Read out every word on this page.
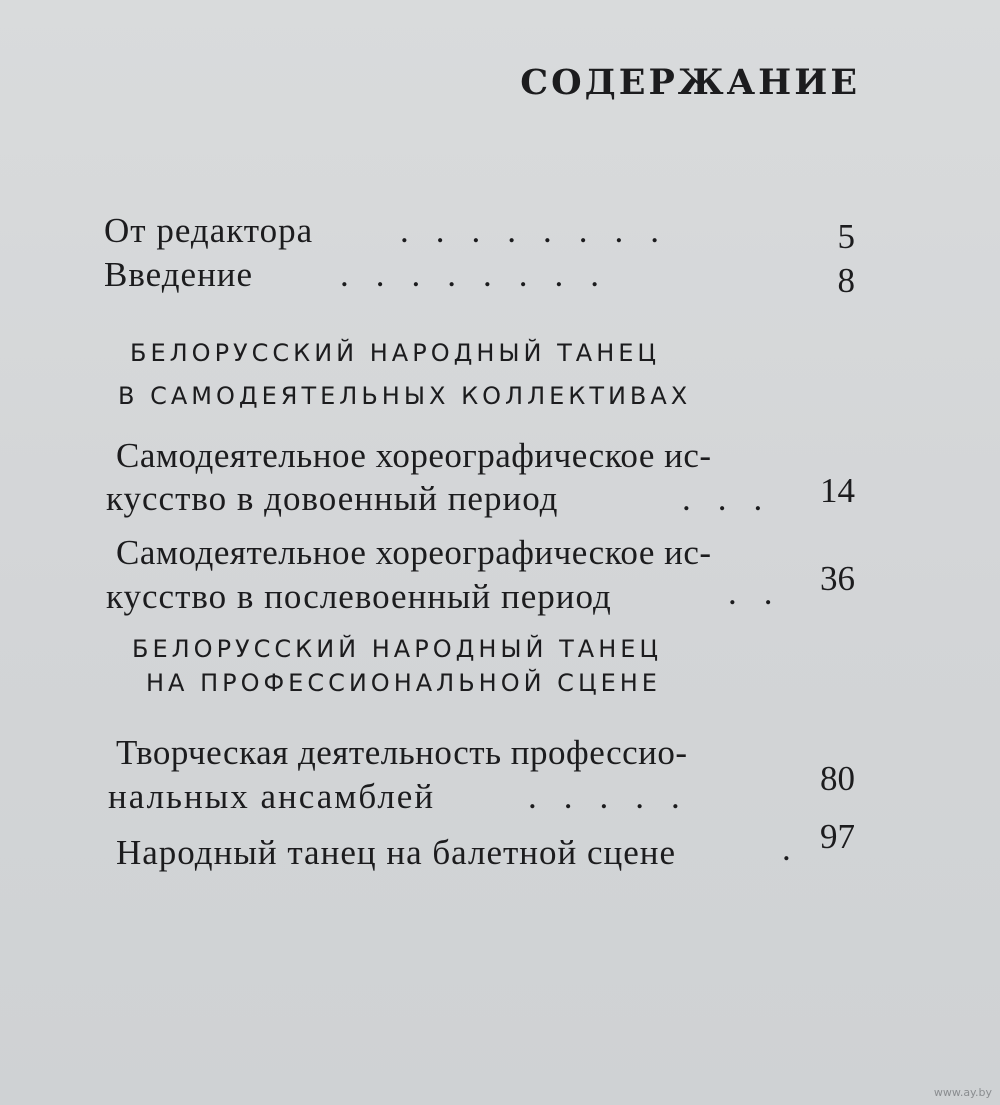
СОДЕРЖАНИЕ
От редактора ........	5
Введение ........	8
БЕЛОРУССКИЙ НАРОДНЫЙ ТАНЕЦ
В САМОДЕЯТЕЛЬНЫХ КОЛЛЕКТИВАХ
Самодеятельное хореографическое ис-
кусство в довоенный период	... 14
Самодеятельное хореографическое ис-
кусство в послевоенный период	.. 36
БЕЛОРУССКИЙ НАРОДНЫЙ ТАНЕЦ
НА ПРОФЕССИОНАЛЬНОЙ СЦЕНЕ
Творческая деятельность профессио-
нальных ансамблей	.....	80
Народный танец на балетной сцене	. 97
www.ay.by
